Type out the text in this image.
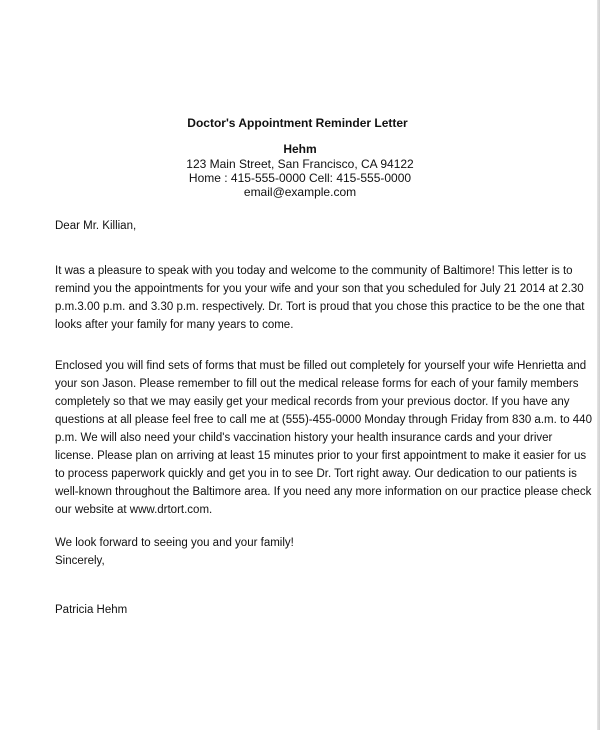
Doctor's Appointment Reminder Letter
Hehm
123 Main Street, San Francisco, CA 94122
Home : 415-555-0000 Cell: 415-555-0000
email@example.com
Dear Mr. Killian,
It was a pleasure to speak with you today and welcome to the community of Baltimore! This letter is to
remind you the appointments for you your wife and your son that you scheduled for July 21 2014 at 2.30
p.m.3.00 p.m. and 3.30 p.m. respectively. Dr. Tort is proud that you chose this practice to be the one that
looks after your family for many years to come.
Enclosed you will find sets of forms that must be filled out completely for yourself your wife Henrietta and
your son Jason. Please remember to fill out the medical release forms for each of your family members
completely so that we may easily get your medical records from your previous doctor. If you have any
questions at all please feel free to call me at (555)-455-0000 Monday through Friday from 830 a.m. to 440
p.m. We will also need your child's vaccination history your health insurance cards and your driver
license. Please plan on arriving at least 15 minutes prior to your first appointment to make it easier for us
to process paperwork quickly and get you in to see Dr. Tort right away. Our dedication to our patients is
well-known throughout the Baltimore area. If you need any more information on our practice please check
our website at www.drtort.com.
We look forward to seeing you and your family!
Sincerely,
Patricia Hehm
